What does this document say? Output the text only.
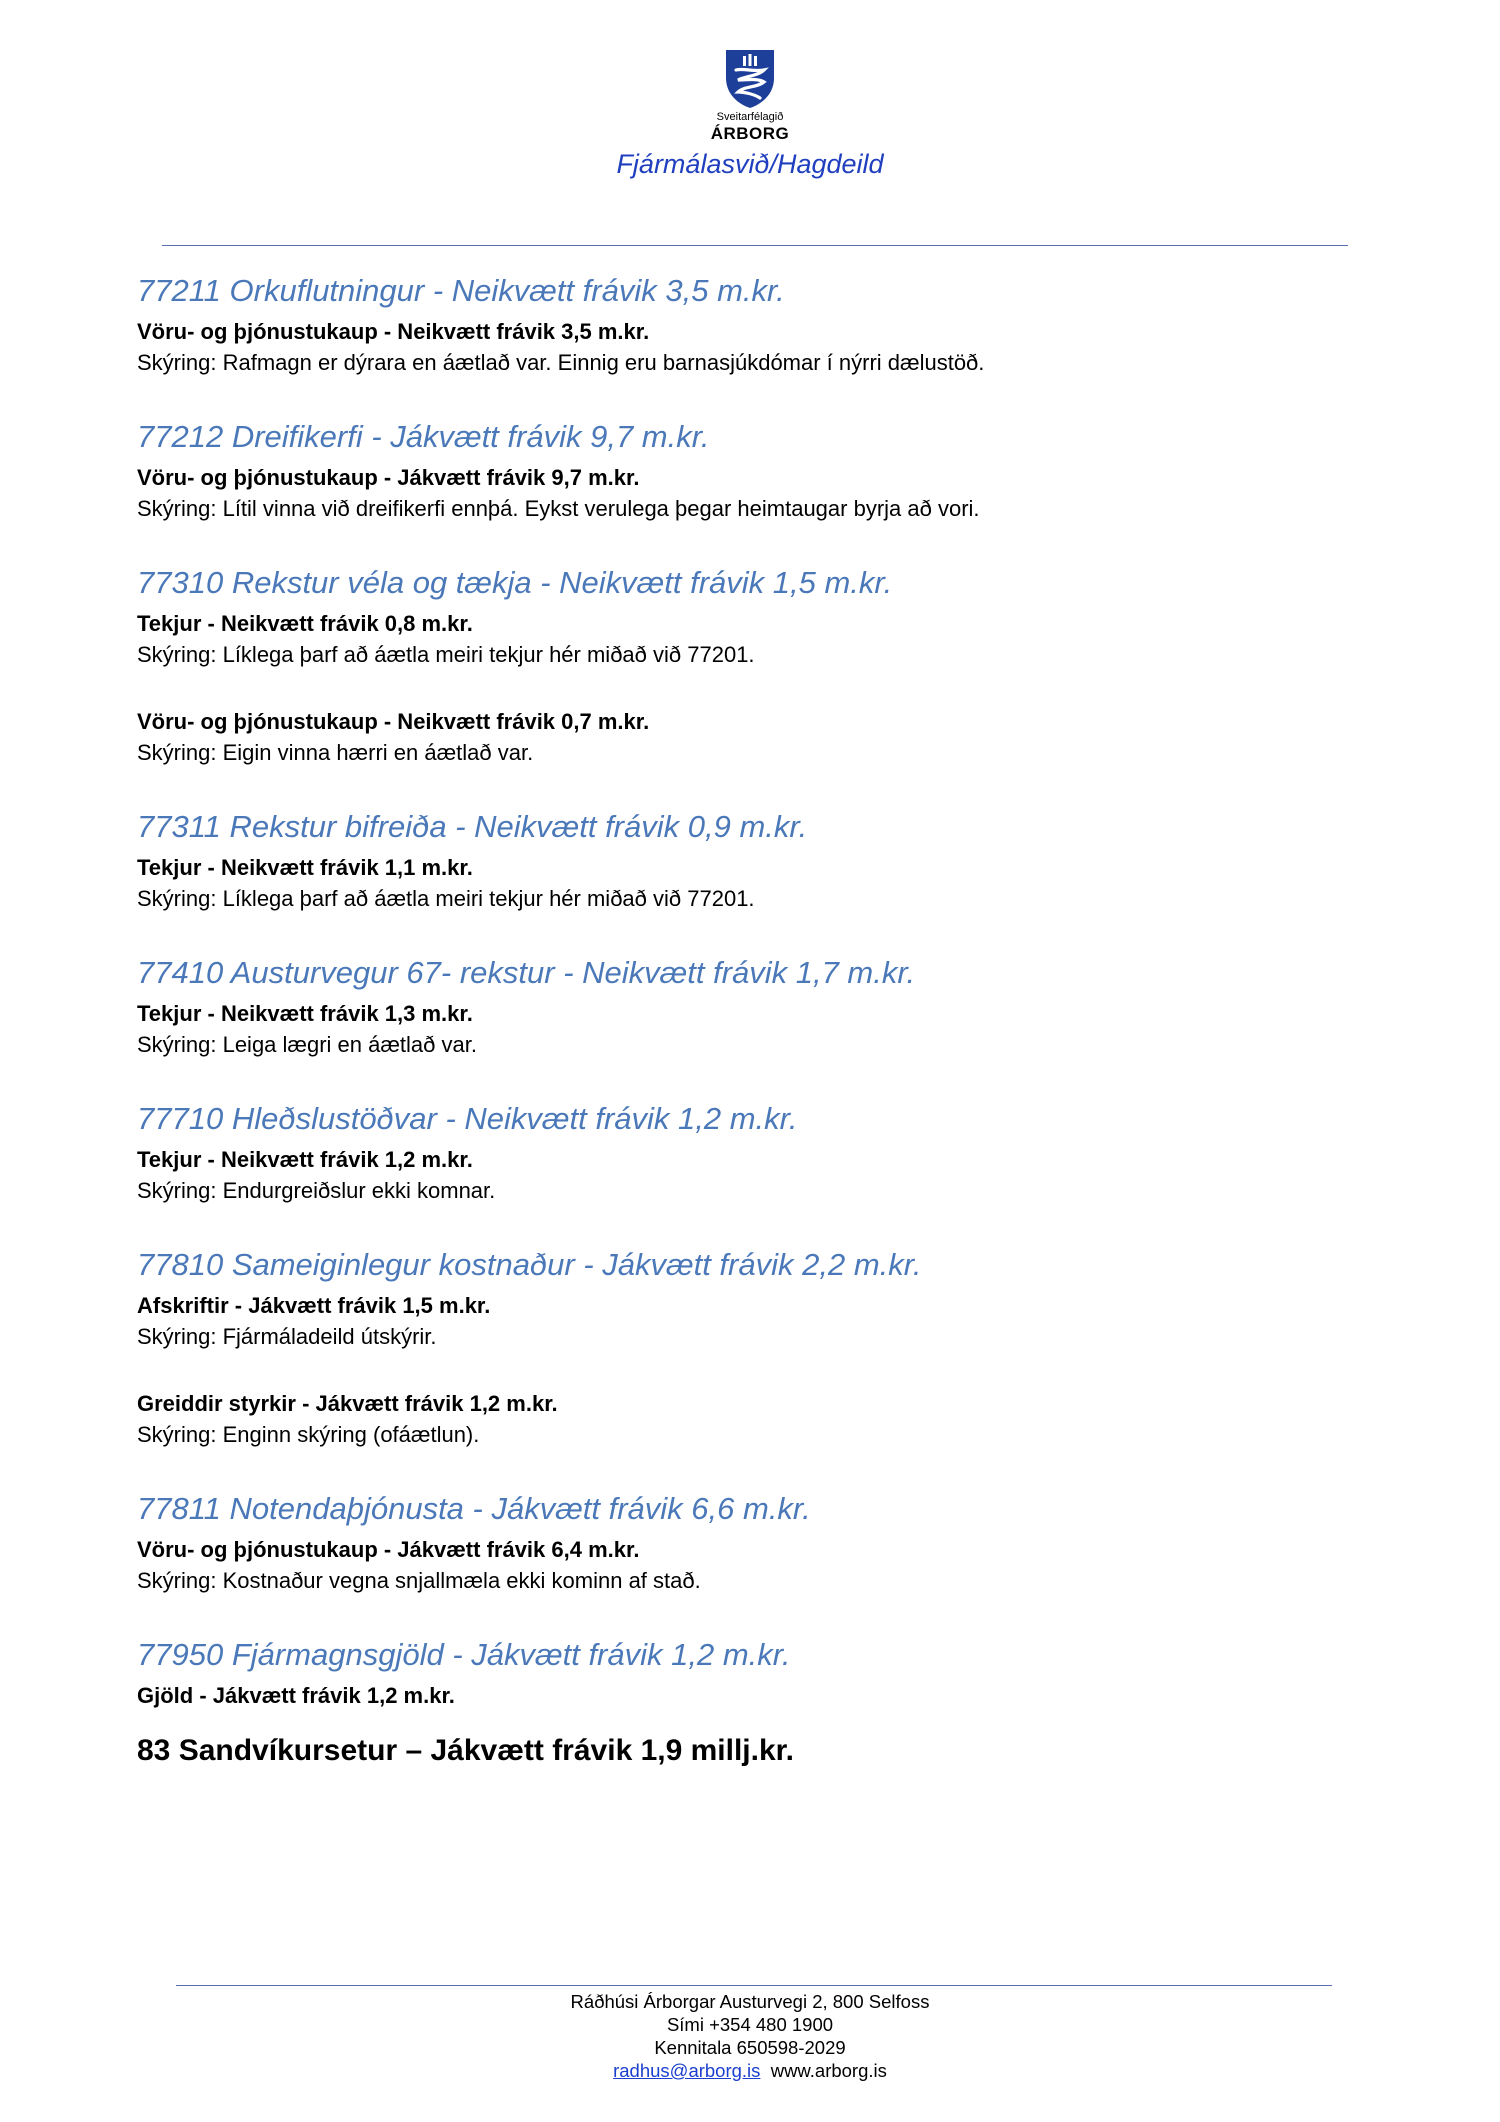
Sveitarfélagið
ÁRBORG
Fjármálasvið/Hagdeild
77211 Orkuflutningur - Neikvætt frávik 3,5 m.kr.
Vöru- og þjónustukaup - Neikvætt frávik 3,5 m.kr.
Skýring: Rafmagn er dýrara en áætlað var. Einnig eru barnasjúkdómar í nýrri dælustöð.
77212 Dreifikerfi - Jákvætt frávik 9,7 m.kr.
Vöru- og þjónustukaup - Jákvætt frávik 9,7 m.kr.
Skýring: Lítil vinna við dreifikerfi ennþá. Eykst verulega þegar heimtaugar byrja að vori.
77310 Rekstur véla og tækja - Neikvætt frávik 1,5 m.kr.
Tekjur - Neikvætt frávik 0,8 m.kr.
Skýring: Líklega þarf að áætla meiri tekjur hér miðað við 77201.
Vöru- og þjónustukaup - Neikvætt frávik 0,7 m.kr.
Skýring: Eigin vinna hærri en áætlað var.
77311 Rekstur bifreiða - Neikvætt frávik 0,9 m.kr.
Tekjur - Neikvætt frávik 1,1 m.kr.
Skýring: Líklega þarf að áætla meiri tekjur hér miðað við 77201.
77410 Austurvegur 67- rekstur - Neikvætt frávik 1,7 m.kr.
Tekjur - Neikvætt frávik 1,3 m.kr.
Skýring: Leiga lægri en áætlað var.
77710 Hleðslustöðvar - Neikvætt frávik 1,2 m.kr.
Tekjur - Neikvætt frávik 1,2 m.kr.
Skýring: Endurgreiðslur ekki komnar.
77810 Sameiginlegur kostnaður - Jákvætt frávik 2,2 m.kr.
Afskriftir - Jákvætt frávik 1,5 m.kr.
Skýring: Fjármáladeild útskýrir.
Greiddir styrkir - Jákvætt frávik 1,2 m.kr.
Skýring: Enginn skýring (ofáætlun).
77811 Notendaþjónusta - Jákvætt frávik 6,6 m.kr.
Vöru- og þjónustukaup - Jákvætt frávik 6,4 m.kr.
Skýring: Kostnaður vegna snjallmæla ekki kominn af stað.
77950 Fjármagnsgjöld - Jákvætt frávik 1,2 m.kr.
Gjöld - Jákvætt frávik 1,2 m.kr.
83 Sandvíkursetur – Jákvætt frávik 1,9 millj.kr.
Ráðhúsi Árborgar Austurvegi 2, 800 Selfoss
Sími +354 480 1900
Kennitala 650598-2029
radhus@arborg.is www.arborg.is
